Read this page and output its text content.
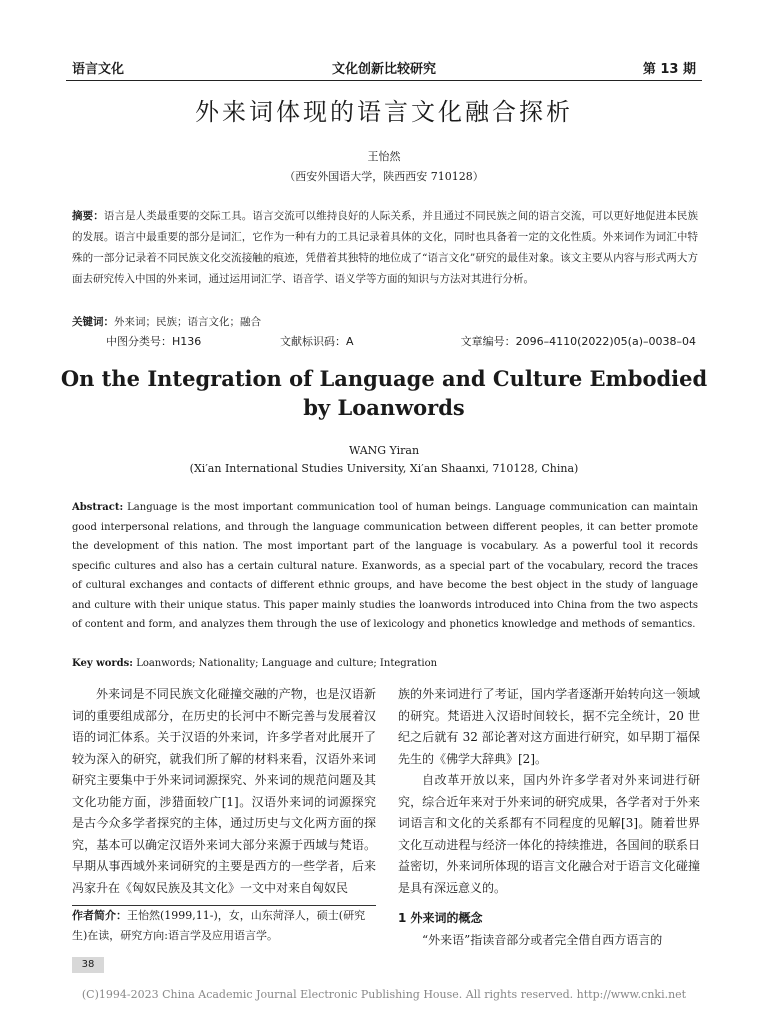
语言文化	文化创新比较研究	第 13 期
外来词体现的语言文化融合探析
王怡然
（西安外国语大学，陕西西安 710128）
摘要：语言是人类最重要的交际工具。语言交流可以维持良好的人际关系，并且通过不同民族之间的语言交流，可以更好地促进本民族的发展。语言中最重要的部分是词汇，它作为一种有力的工具记录着具体的文化，同时也具备着一定的文化性质。外来词作为词汇中特殊的一部分记录着不同民族文化交流接触的痕迹，凭借着其独特的地位成了“语言文化”研究的最佳对象。该文主要从内容与形式两大方面去研究传入中国的外来词，通过运用词汇学、语音学、语义学等方面的知识与方法对其进行分析。
关键词：外来词；民族；语言文化；融合
中图分类号：H136	文献标识码：A	文章编号：2096–4110(2022)05(a)–0038–04
On the Integration of Language and Culture Embodied by Loanwords
WANG Yiran
(Xi′an International Studies University, Xi′an Shaanxi, 710128, China)
Abstract: Language is the most important communication tool of human beings. Language communication can maintain good interpersonal relations, and through the language communication between different peoples, it can better promote the development of this nation. The most important part of the language is vocabulary. As a powerful tool it records specific cultures and also has a certain cultural nature. Exanwords, as a special part of the vocabulary, record the traces of cultural exchanges and contacts of different ethnic groups, and have become the best object in the study of language and culture with their unique status. This paper mainly studies the loanwords introduced into China from the two aspects of content and form, and analyzes them through the use of lexicology and phonetics knowledge and methods of semantics.
Key words: Loanwords; Nationality; Language and culture; Integration

外来词是不同民族文化碰撞交融的产物，也是汉语新词的重要组成部分，在历史的长河中不断完善与发展着汉语的词汇体系。关于汉语的外来词，许多学者对此展开了较为深入的研究，就我们所了解的材料来看，汉语外来词研究主要集中于外来词词源探究、外来词的规范问题及其文化功能方面，涉猎面较广[1]。汉语外来词的词源探究是古今众多学者探究的主体，通过历史与文化两方面的探究，基本可以确定汉语外来词大部分来源于西域与梵语。早期从事西域外来词研究的主要是西方的一些学者，后来冯家升在《匈奴民族及其文化》一文中对来自匈奴民

族的外来词进行了考证，国内学者逐渐开始转向这一领域的研究。梵语进入汉语时间较长，据不完全统计，20 世纪之后就有 32 部论著对这方面进行研究，如早期丁福保先生的《佛学大辞典》[2]。

自改革开放以来，国内外许多学者对外来词进行研究，综合近年来对于外来词的研究成果，各学者对于外来词语言和文化的关系都有不同程度的见解[3]。随着世界文化互动进程与经济一体化的持续推进，各国间的联系日益密切，外来词所体现的语言文化融合对于语言文化碰撞是具有深远意义的。

作者简介：王怡然(1999,11-)，女，山东菏泽人，硕士(研究生)在读，研究方向:语言学及应用语言学。
1 外来词的概念
“外来语”指读音部分或者完全借自西方语言的
38
(C)1994-2023 China Academic Journal Electronic Publishing House. All rights reserved. http://www.cnki.net
